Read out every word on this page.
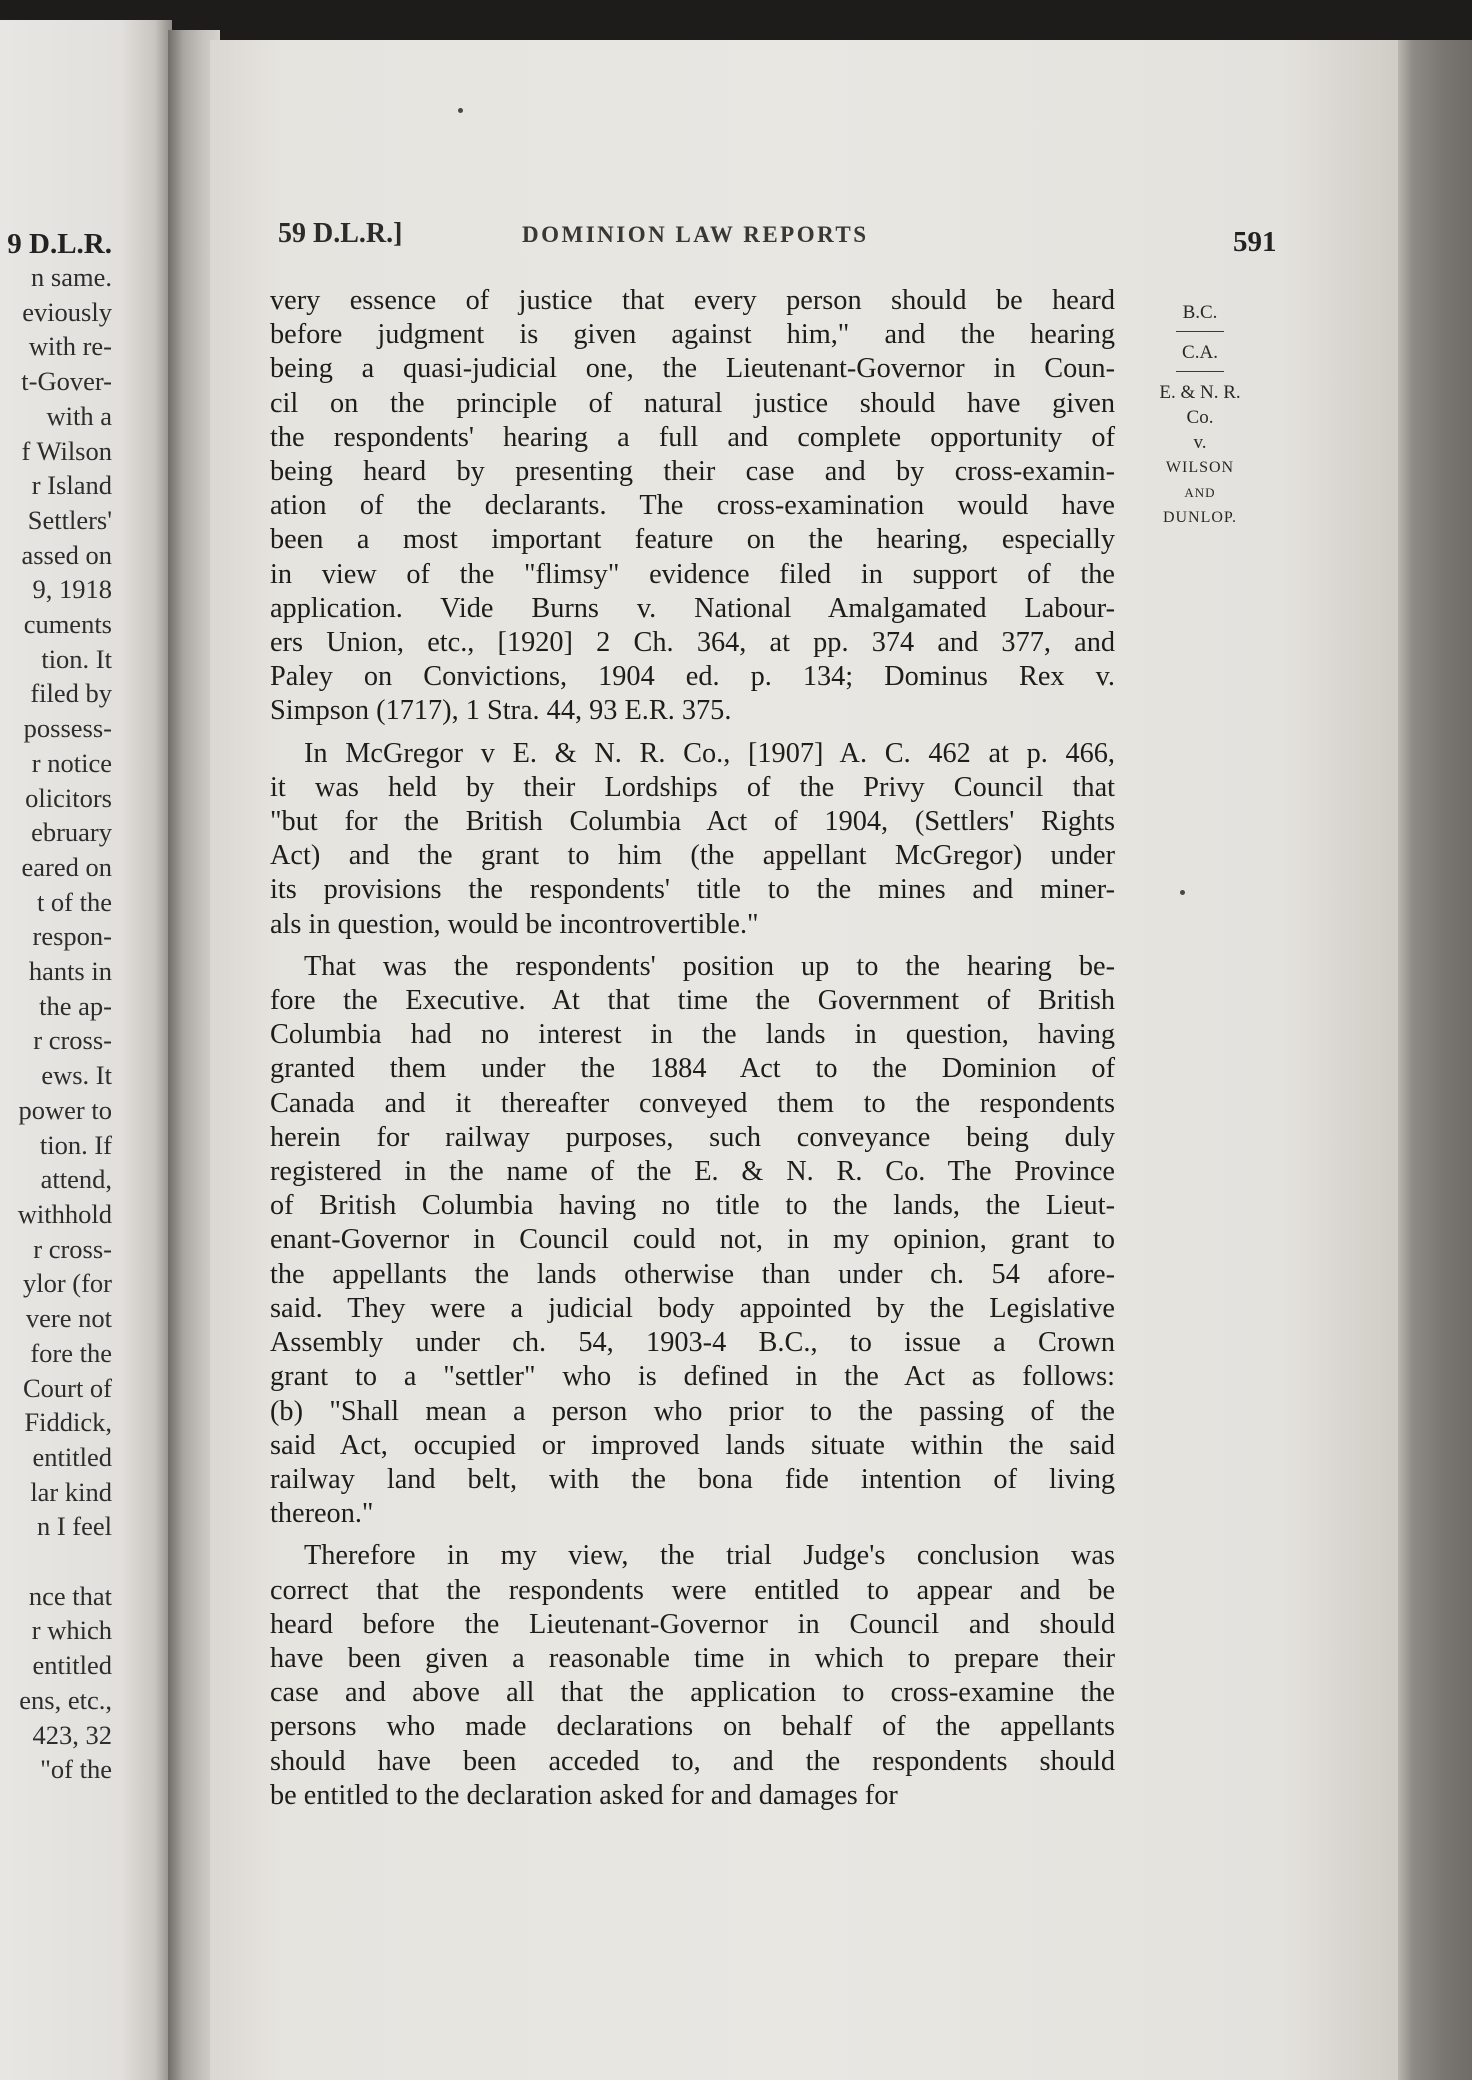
9 D.L.R.
n same.
eviously
with re-
t-Gover-
with a
f Wilson
r Island
Settlers'
assed on
9, 1918
cuments
tion. It
filed by
possess-
r notice
olicitors
ebruary
eared on
t of the
respon-
hants in
the ap-
r cross-
ews. It
power to
tion. If
attend,
withhold
r cross-
ylor (for
vere not
fore the
Court of
Fiddick,
entitled
lar kind
n I feel
nce that
r which
entitled
ens, etc.,
423, 32
"of the
59 D.L.R.]	DOMINION LAW REPORTS	591
B.C.
C.A.
E. & N. R.
Co.
v.
WILSON
AND
DUNLOP.

very essence of justice that every person should be heard
before judgment is given against him," and the hearing
being a quasi-judicial one, the Lieutenant-Governor in Coun-
cil on the principle of natural justice should have given
the respondents' hearing a full and complete opportunity of
being heard by presenting their case and by cross-examin-
ation of the declarants. The cross-examination would have
been a most important feature on the hearing, especially
in view of the "flimsy" evidence filed in support of the
application. Vide Burns v. National Amalgamated Labour-
ers Union, etc., [1920] 2 Ch. 364, at pp. 374 and 377, and
Paley on Convictions, 1904 ed. p. 134; Dominus Rex v.
Simpson (1717), 1 Stra. 44, 93 E.R. 375.

In McGregor v E. & N. R. Co., [1907] A. C. 462 at p. 466,
it was held by their Lordships of the Privy Council that
"but for the British Columbia Act of 1904, (Settlers' Rights
Act) and the grant to him (the appellant McGregor) under
its provisions the respondents' title to the mines and miner-
als in question, would be incontrovertible."

That was the respondents' position up to the hearing be-
fore the Executive. At that time the Government of British
Columbia had no interest in the lands in question, having
granted them under the 1884 Act to the Dominion of
Canada and it thereafter conveyed them to the respondents
herein for railway purposes, such conveyance being duly
registered in the name of the E. & N. R. Co. The Province
of British Columbia having no title to the lands, the Lieut-
enant-Governor in Council could not, in my opinion, grant to
the appellants the lands otherwise than under ch. 54 afore-
said. They were a judicial body appointed by the Legislative
Assembly under ch. 54, 1903-4 B.C., to issue a Crown
grant to a "settler" who is defined in the Act as follows:
(b) "Shall mean a person who prior to the passing of the
said Act, occupied or improved lands situate within the said
railway land belt, with the bona fide intention of living
thereon."

Therefore in my view, the trial Judge's conclusion was
correct that the respondents were entitled to appear and be
heard before the Lieutenant-Governor in Council and should
have been given a reasonable time in which to prepare their
case and above all that the application to cross-examine the
persons who made declarations on behalf of the appellants
should have been acceded to, and the respondents should
be entitled to the declaration asked for and damages for
